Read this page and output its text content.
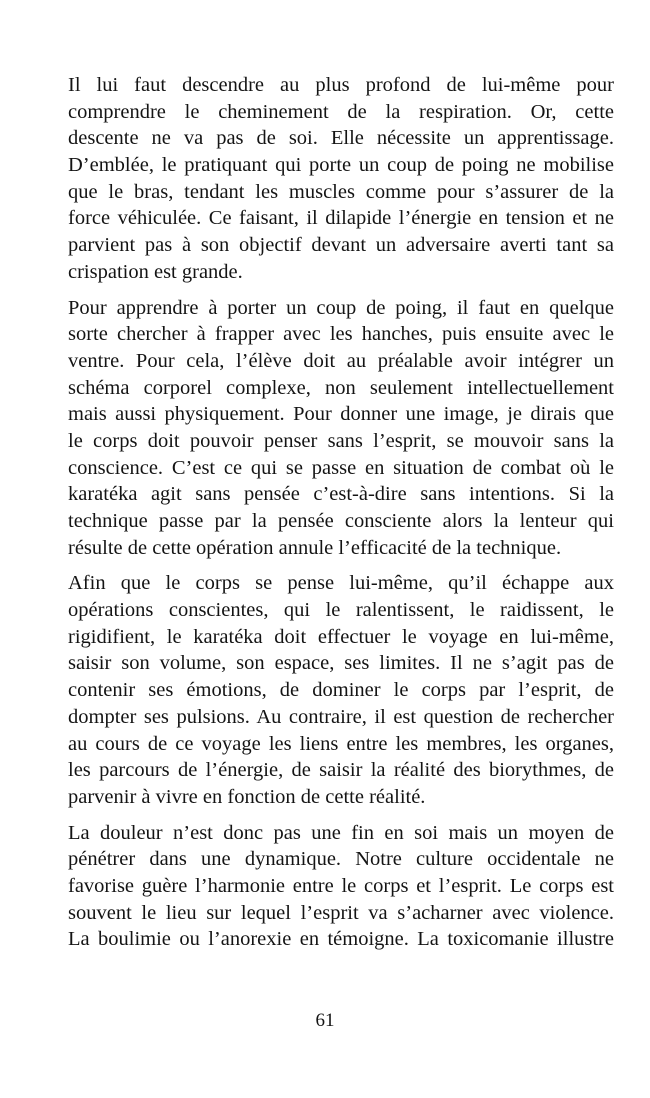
Il lui faut descendre au plus profond de lui-même pour
comprendre le cheminement de la respiration. Or, cette
descente ne va pas de soi. Elle nécessite un apprentissage.
D’emblée, le pratiquant qui porte un coup de poing ne mobilise
que le bras, tendant les muscles comme pour s’assurer de la
force véhiculée. Ce faisant, il dilapide l’énergie en tension et ne
parvient pas à son objectif devant un adversaire averti tant sa
crispation est grande.
Pour apprendre à porter un coup de poing, il faut en quelque
sorte chercher à frapper avec les hanches, puis ensuite avec le
ventre. Pour cela, l’élève doit au préalable avoir intégrer un
schéma corporel complexe, non seulement intellectuellement
mais aussi physiquement. Pour donner une image, je dirais que
le corps doit pouvoir penser sans l’esprit, se mouvoir sans la
conscience. C’est ce qui se passe en situation de combat où le
karatéka agit sans pensée c’est-à-dire sans intentions. Si la
technique passe par la pensée consciente alors la lenteur qui
résulte de cette opération annule l’efficacité de la technique.
Afin que le corps se pense lui-même, qu’il échappe aux
opérations conscientes, qui le ralentissent, le raidissent, le
rigidifient, le karatéka doit effectuer le voyage en lui-même,
saisir son volume, son espace, ses limites. Il ne s’agit pas de
contenir ses émotions, de dominer le corps par l’esprit, de
dompter ses pulsions. Au contraire, il est question de rechercher
au cours de ce voyage les liens entre les membres, les organes,
les parcours de l’énergie, de saisir la réalité des biorythmes, de
parvenir à vivre en fonction de cette réalité.
La douleur n’est donc pas une fin en soi mais un moyen de
pénétrer dans une dynamique. Notre culture occidentale ne
favorise guère l’harmonie entre le corps et l’esprit. Le corps est
souvent le lieu sur lequel l’esprit va s’acharner avec violence.
La boulimie ou l’anorexie en témoigne. La toxicomanie illustre
61
